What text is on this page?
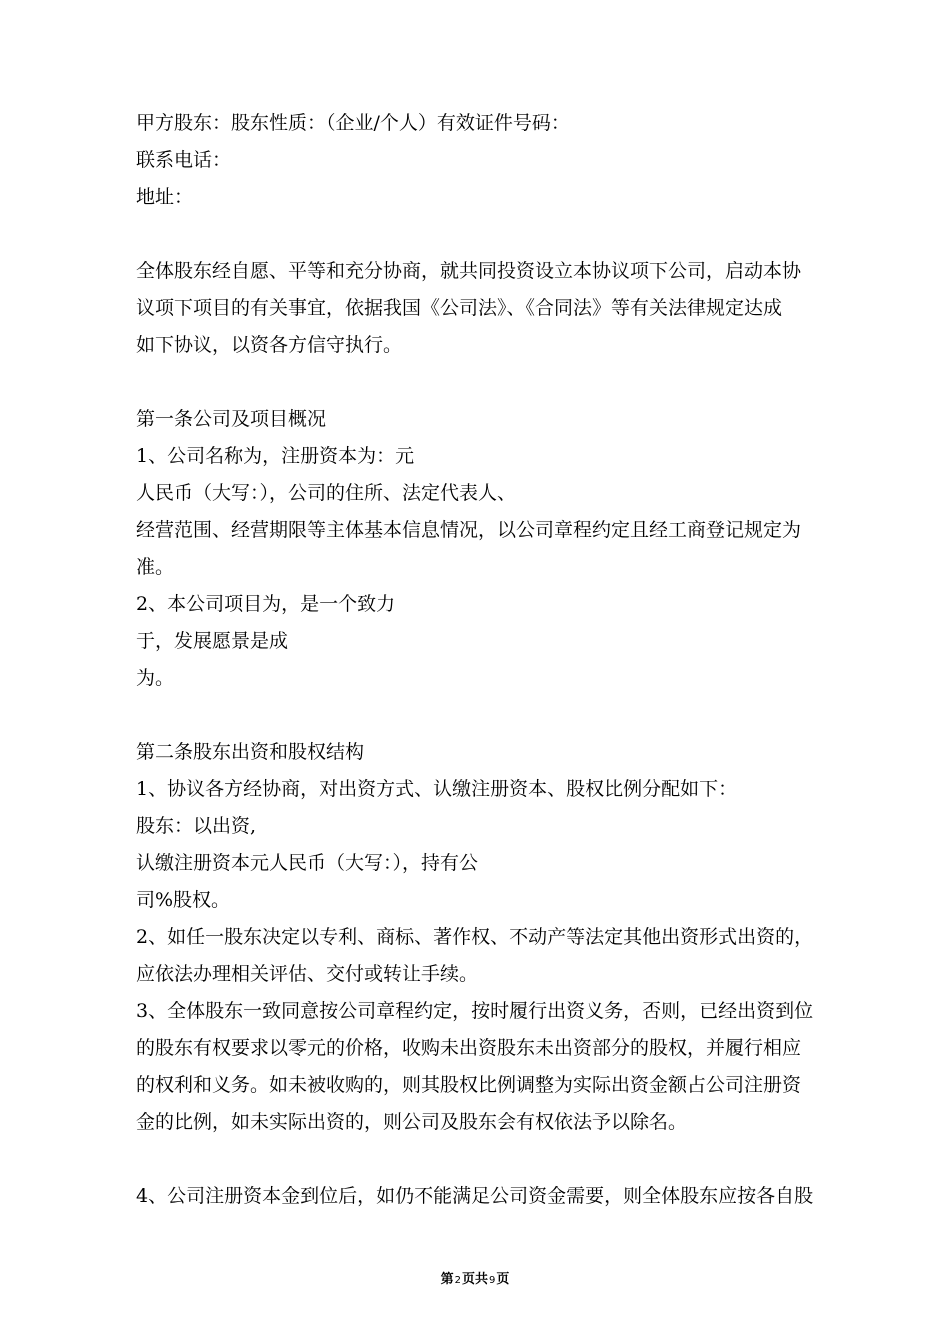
甲方股东：股东性质：（企业/个人）有效证件号码：
联系电话：
地址：
全体股东经自愿、平等和充分协商，就共同投资设立本协议项下公司，启动本协
议项下项目的有关事宜，依据我国《公司法》、《合同法》等有关法律规定达成
如下协议，以资各方信守执行。
第一条公司及项目概况
1、公司名称为，注册资本为：元
人民币（大写：），公司的住所、法定代表人、
经营范围、经营期限等主体基本信息情况，以公司章程约定且经工商登记规定为
准。
2、本公司项目为，是一个致力
于，发展愿景是成
为。
第二条股东出资和股权结构
1、协议各方经协商，对出资方式、认缴注册资本、股权比例分配如下：
股东：以出资,
认缴注册资本元人民币（大写：），持有公
司%股权。
2、如任一股东决定以专利、商标、著作权、不动产等法定其他出资形式出资的，
应依法办理相关评估、交付或转让手续。
3、全体股东一致同意按公司章程约定，按时履行出资义务，否则，已经出资到位
的股东有权要求以零元的价格，收购未出资股东未出资部分的股权，并履行相应
的权利和义务。如未被收购的，则其股权比例调整为实际出资金额占公司注册资
金的比例，如未实际出资的，则公司及股东会有权依法予以除名。
4、公司注册资本金到位后，如仍不能满足公司资金需要，则全体股东应按各自股
第2页共9页
